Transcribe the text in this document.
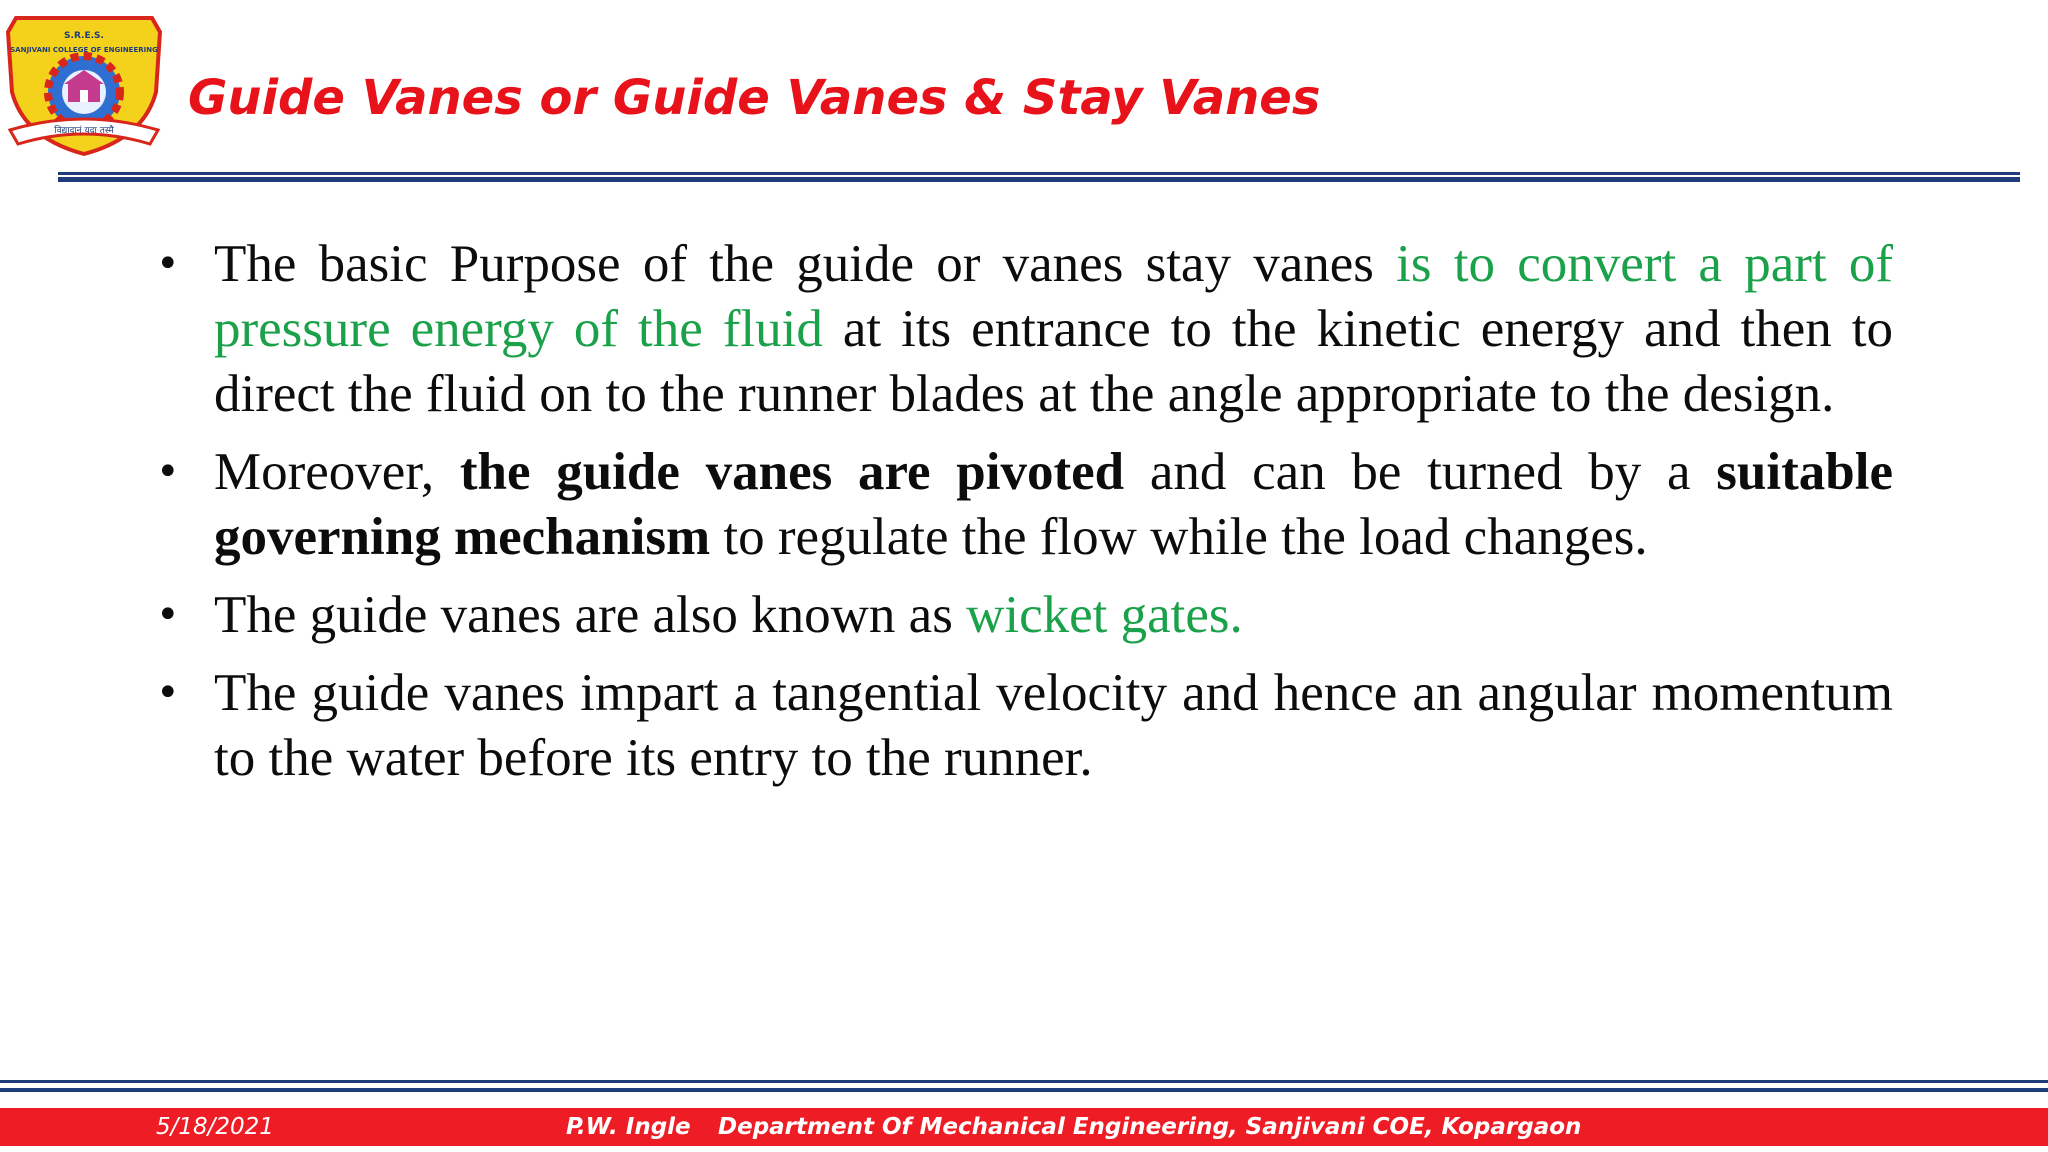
S.R.E.S.
SANJIVANI COLLEGE OF ENGINEERING
विद्यादानं यदा तस्मै
Guide Vanes or Guide Vanes & Stay Vanes
• The basic Purpose of the guide or vanes stay vanes is to convert a part of pressure energy of the fluid at its entrance to the kinetic energy and then to direct the fluid on to the runner blades at the angle appropriate to the design.
• Moreover, the guide vanes are pivoted and can be turned by a suitable governing mechanism to regulate the flow while the load changes.
• The guide vanes are also known as wicket gates.
• The guide vanes impart a tangential velocity and hence an angular momentum to the water before its entry to the runner.
5/18/2021	P.W. Ingle Department Of Mechanical Engineering, Sanjivani COE, Kopargaon
